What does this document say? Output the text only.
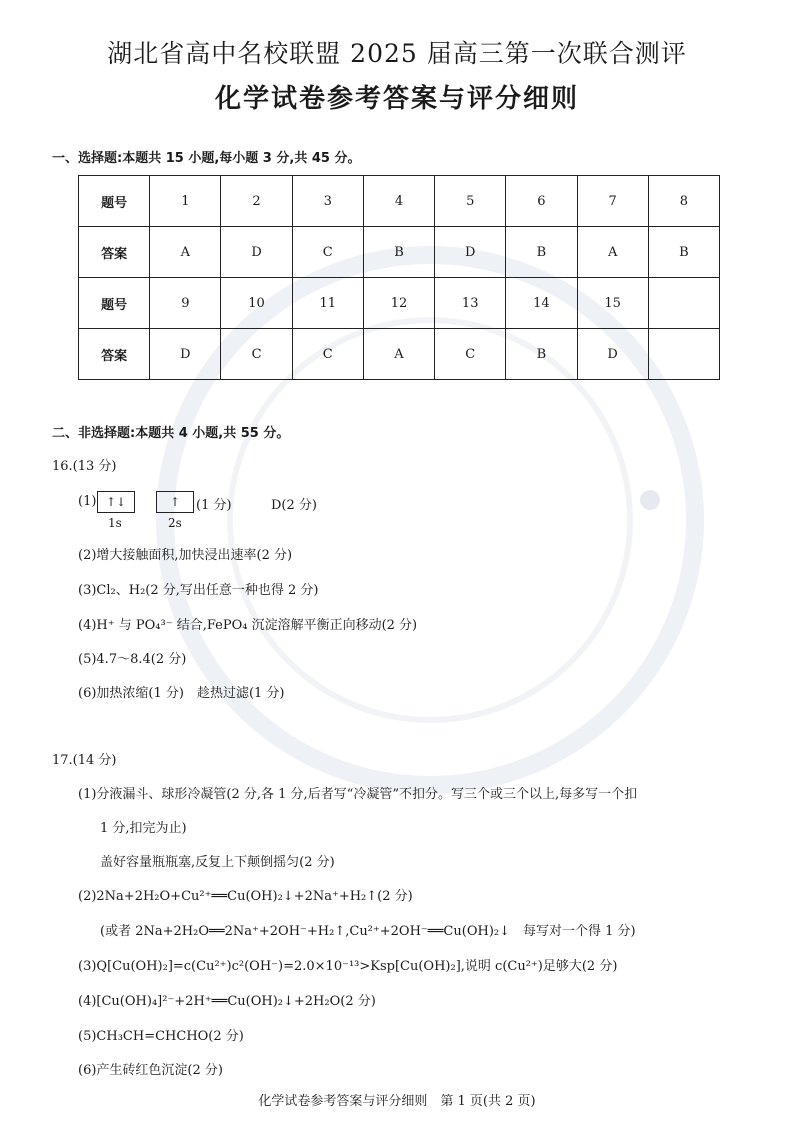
湖北省高中名校联盟 2025 届高三第一次联合测评
化学试卷参考答案与评分细则
一、选择题:本题共 15 小题,每小题 3 分,共 45 分。
题号	1	2	3	4	5	6	7	8
答案	A	D	C	B	D	B	A	B
题号	9	10	11	12	13	14	15	
答案	D	C	C	A	C	B	D	
二、非选择题:本题共 4 小题,共 55 分。
16.(13 分)
(1) ↑↓	↑
1s	2s
(1 分)	D(2 分)
(2)增大接触面积,加快浸出速率(2 分)
(3)Cl₂、H₂(2 分,写出任意一种也得 2 分)
(4)H⁺ 与 PO₄³⁻ 结合,FePO₄ 沉淀溶解平衡正向移动(2 分)
(5)4.7～8.4(2 分)
(6)加热浓缩(1 分)　趁热过滤(1 分)
17.(14 分)
(1)分液漏斗、球形冷凝管(2 分,各 1 分,后者写“冷凝管”不扣分。写三个或三个以上,每多写一个扣
1 分,扣完为止)
盖好容量瓶瓶塞,反复上下颠倒摇匀(2 分)
(2)2Na+2H₂O+Cu²⁺══Cu(OH)₂↓+2Na⁺+H₂↑(2 分)
(或者 2Na+2H₂O══2Na⁺+2OH⁻+H₂↑,Cu²⁺+2OH⁻══Cu(OH)₂↓　每写对一个得 1 分)
(3)Q[Cu(OH)₂]=c(Cu²⁺)c²(OH⁻)=2.0×10⁻¹³>Ksp[Cu(OH)₂],说明 c(Cu²⁺)足够大(2 分)
(4)[Cu(OH)₄]²⁻+2H⁺══Cu(OH)₂↓+2H₂O(2 分)
(5)CH₃CH=CHCHO(2 分)
(6)产生砖红色沉淀(2 分)
化学试卷参考答案与评分细则　第 1 页(共 2 页)
